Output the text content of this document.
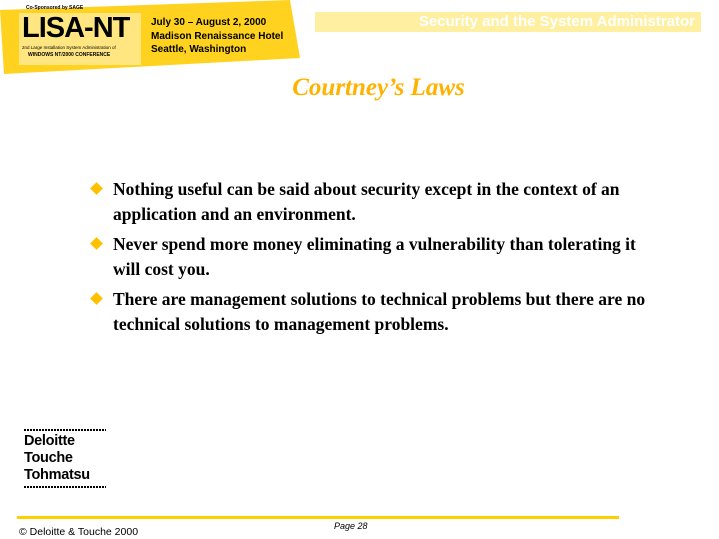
Co-Sponsored by SAGE
LISA-NT
2nd Large Installation System Administration of
WINDOWS NT/2000 CONFERENCE
July 30 – August 2, 2000
Madison Renaissance Hotel
Seattle, Washington
Security and the System Administrator
Courtney’s Laws
Nothing useful can be said about security except in the context of an application and an environment.
Never spend more money eliminating a vulnerability than tolerating it will cost you.
There are management solutions to technical problems but there are no technical solutions to management problems.
Deloitte
Touche
Tohmatsu
© Deloitte & Touche 2000	Page 28
